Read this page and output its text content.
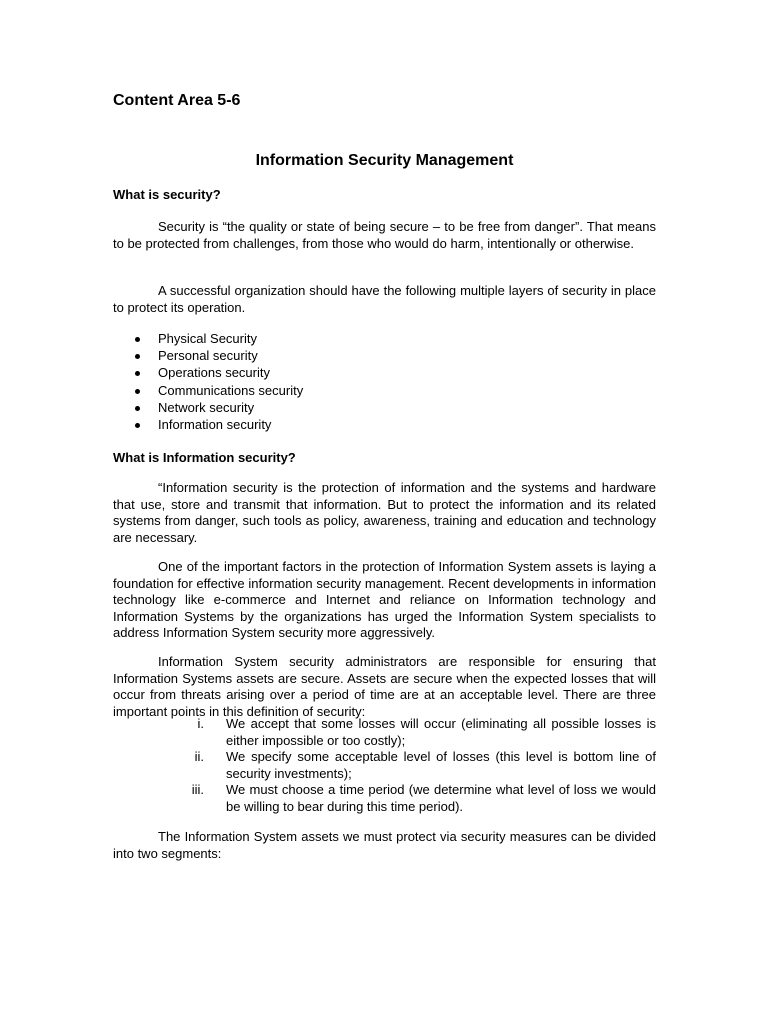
Content Area 5-6
Information Security Management
What is security?

Security is “the quality or state of being secure – to be free from danger”. That means to be protected from challenges, from those who would do harm, intentionally or otherwise.

A successful organization should have the following multiple layers of security in place to protect its operation.

Physical Security
Personal security
Operations security
Communications security
Network security
Information security
What is Information security?

“Information security is the protection of information and the systems and hardware that use, store and transmit that information. But to protect the information and its related systems from danger, such tools as policy, awareness, training and education and technology are necessary.

One of the important factors in the protection of Information System assets is laying a foundation for effective information security management. Recent developments in information technology like e-commerce and Internet and reliance on Information technology and Information Systems by the organizations has urged the Information System specialists to address Information System security more aggressively.

Information System security administrators are responsible for ensuring that Information Systems assets are secure. Assets are secure when the expected losses that will occur from threats arising over a period of time are at an acceptable level. There are three important points in this definition of security:

i. We accept that some losses will occur (eliminating all possible losses is either impossible or too costly);
ii. We specify some acceptable level of losses (this level is bottom line of security investments);
iii. We must choose a time period (we determine what level of loss we would be willing to bear during this time period).

The Information System assets we must protect via security measures can be divided into two segments:
